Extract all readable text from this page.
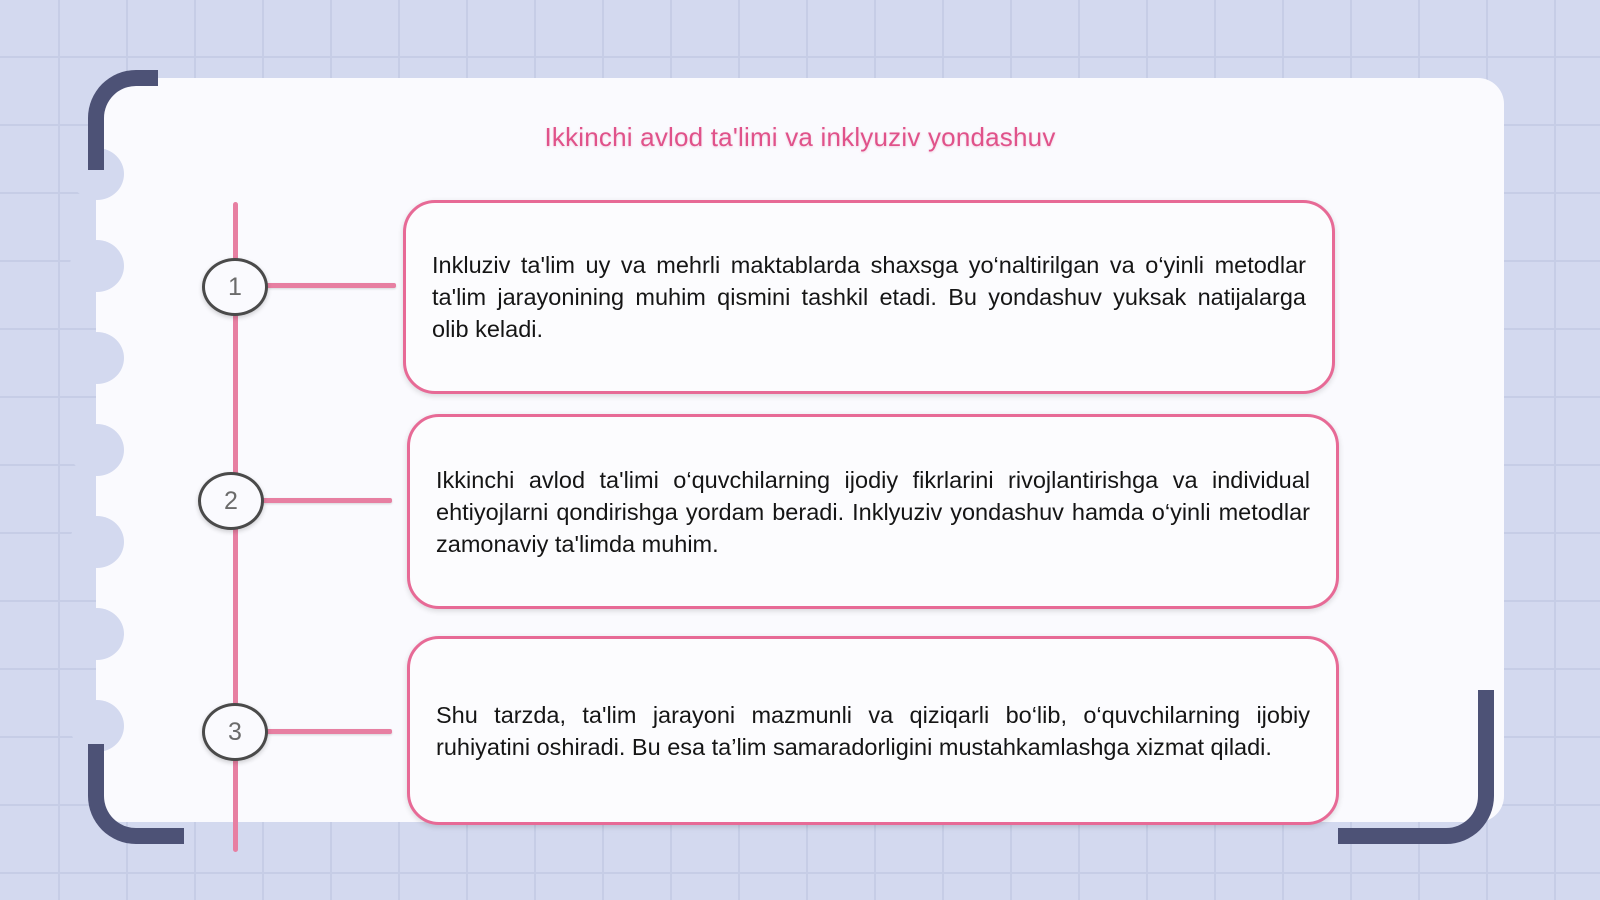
Ikkinchi avlod ta'limi va inklyuziv yondashuv
1

Inkluziv ta'lim uy va mehrli maktablarda shaxsga yo‘naltirilgan va o‘yinli metodlar ta'lim jarayonining muhim qismini tashkil etadi. Bu yondashuv yuksak natijalarga olib keladi.

2

Ikkinchi avlod ta'limi o‘quvchilarning ijodiy fikrlarini rivojlantirishga va individual ehtiyojlarni qondirishga yordam beradi. Inklyuziv yondashuv hamda o‘yinli metodlar zamonaviy ta'limda muhim.

3

Shu tarzda, ta'lim jarayoni mazmunli va qiziqarli bo‘lib, o‘quvchilarning ijobiy ruhiyatini oshiradi. Bu esa ta’lim samaradorligini mustahkamlashga xizmat qiladi.
